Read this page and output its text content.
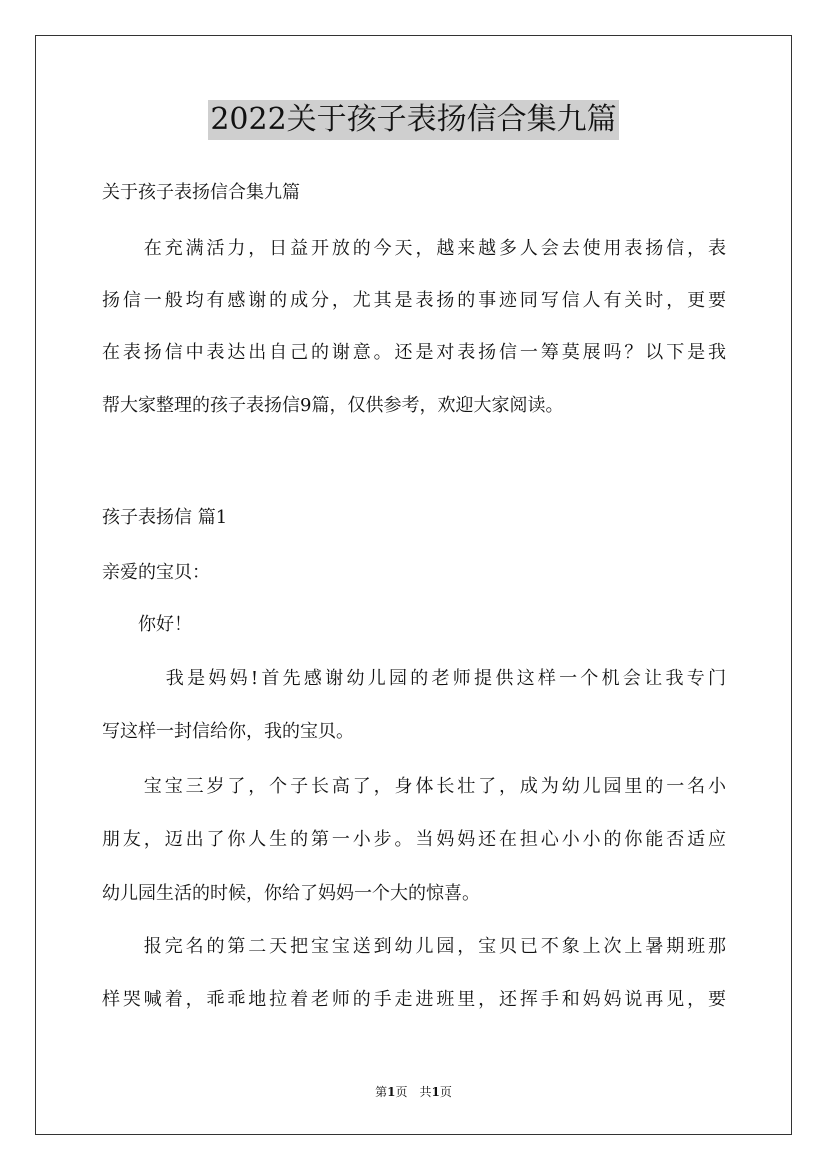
2022关于孩子表扬信合集九篇
关于孩子表扬信合集九篇
　　在充满活力，日益开放的今天，越来越多人会去使用表扬信，表
扬信一般均有感谢的成分，尤其是表扬的事迹同写信人有关时，更要
在表扬信中表达出自己的谢意。还是对表扬信一筹莫展吗？以下是我
帮大家整理的孩子表扬信9篇，仅供参考，欢迎大家阅读。
孩子表扬信 篇1
亲爱的宝贝：
　　你好！
　　　我是妈妈!首先感谢幼儿园的老师提供这样一个机会让我专门
写这样一封信给你，我的宝贝。
　　宝宝三岁了，个子长高了，身体长壮了，成为幼儿园里的一名小
朋友，迈出了你人生的第一小步。当妈妈还在担心小小的你能否适应
幼儿园生活的时候，你给了妈妈一个大的惊喜。
　　报完名的第二天把宝宝送到幼儿园，宝贝已不象上次上暑期班那
样哭喊着，乖乖地拉着老师的手走进班里，还挥手和妈妈说再见，要
第1页　共1页
